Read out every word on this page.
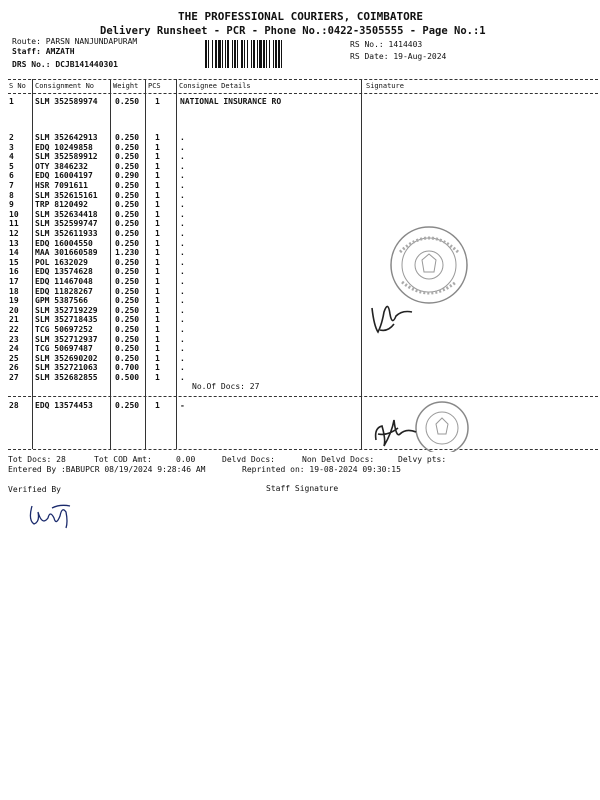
THE PROFESSIONAL COURIERS, COIMBATORE
Delivery Runsheet - PCR - Phone No.:0422-3505555 - Page No.:1
Route: PARSN NANJUNDAPURAM
Staff: AMZATH
DRS No.: DCJB141440301
RS No.: 1414403
RS Date: 19-Aug-2024
S No Consignment No	Weight PCS	Consignee Details	Signature
1	SLM 352589974 0.250 1	NATIONAL INSURANCE RO
2	SLM 352642913 0.250 1	.
3	EDQ 10249858	0.250 1	.
4	SLM 352589912 0.250 1	.
5	OTY 3846232	0.250 1	.
6	EDQ 16004197	0.290 1	.
7	HSR 7091611	0.250 1	.
8	SLM 352615161 0.250 1	.
9	TRP 8120492	0.250 1	.
10 SLM 352634418 0.250 1	.
11 SLM 352599747 0.250 1	.
12 SLM 352611933 0.250 1	.
13 EDQ 16004550	0.250 1	.
14 MAA 301660589 1.230 1	.
15 POL 1632029	0.250 1	.
16 EDQ 13574628	0.250 1	.
17 EDQ 11467048	0.250 1	.
18 EDQ 11828267	0.250 1	.
19 GPM 5387566	0.250 1	.
20 SLM 352719229 0.250 1	.
21 SLM 352718435 0.250 1	.
22 TCG 50697252	0.250 1	.
23 SLM 352712937 0.250 1	.
24 TCG 50697487	0.250 1	.
25 SLM 352690202 0.250 1	.
26 SLM 352721063 0.700 1	.
27 SLM 352682855 0.500 1	.
No.Of Docs: 27
28 EDQ 13574453	0.250 1	-
Tot Docs: 28	Tot COD Amt:	0.00	Delvd Docs:	Non Delvd Docs:	Delvy pts:
Entered By :BABUPCR 08/19/2024 9:28:46 AM	Reprinted on: 19-08-2024 09:30:15
Verified By	Staff Signature
